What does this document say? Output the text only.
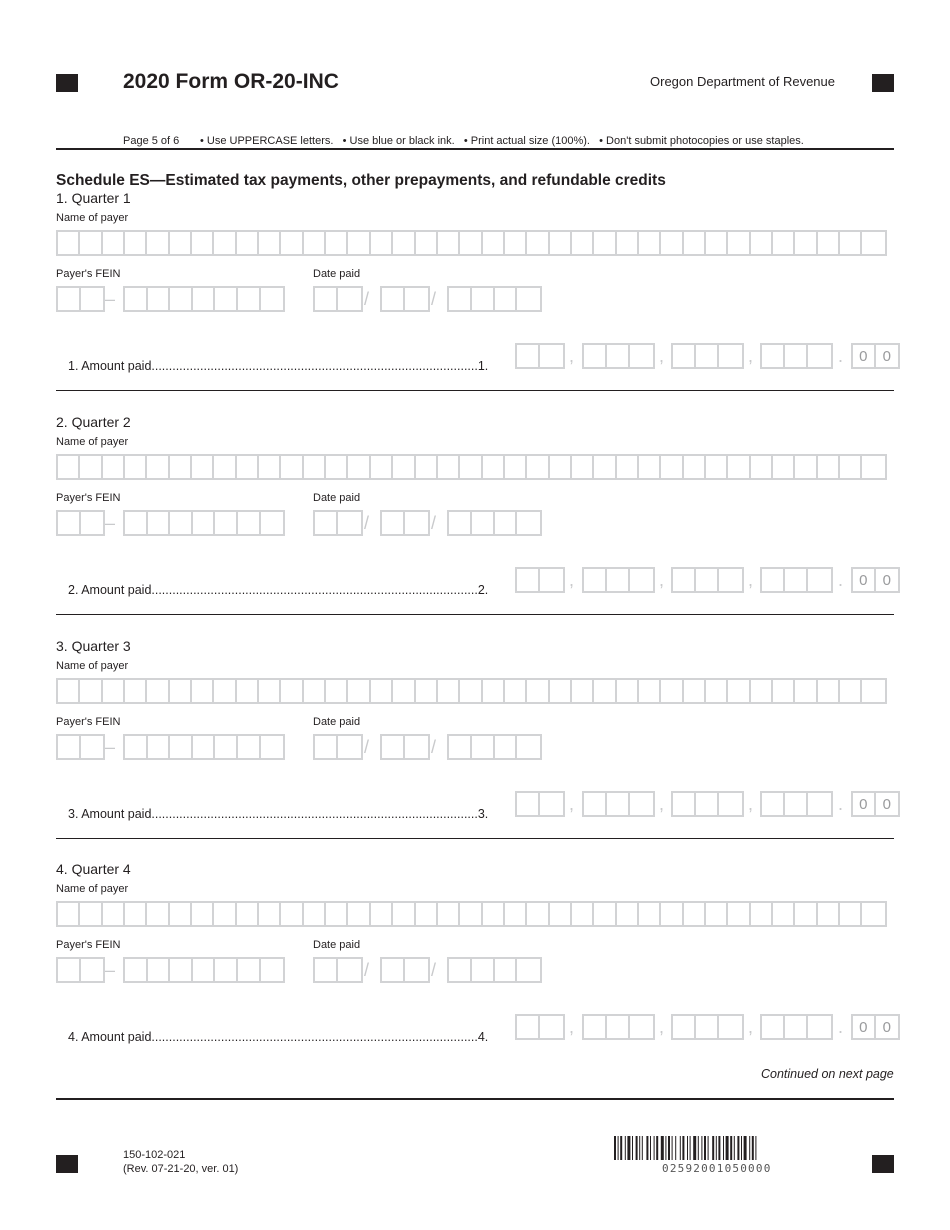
2020 Form OR-20-INC	Oregon Department of Revenue
Page 5 of 6 • Use UPPERCASE letters.   • Use blue or black ink.   • Print actual size (100%).   • Don't submit photocopies or use staples.
Schedule ES—Estimated tax payments, other prepayments, and refundable credits
1. Quarter 1
Name of payer
Payer's FEIN
–
Date paid
/	/
1. Amount paid..............................................................................................1.	,	,	,	.	0	0
2. Quarter 2
Name of payer
Payer's FEIN
–
Date paid
/	/
2. Amount paid..............................................................................................2.	,	,	,	.	0	0
3. Quarter 3
Name of payer
Payer's FEIN
–
Date paid
/	/
3. Amount paid..............................................................................................3.	,	,	,	.	0	0
4. Quarter 4
Name of payer
Payer's FEIN
–
Date paid
/	/
4. Amount paid..............................................................................................4.	,	,	,	.	0	0
Continued on next page
150-102-021
(Rev. 07-21-20, ver. 01)	02592001050000
